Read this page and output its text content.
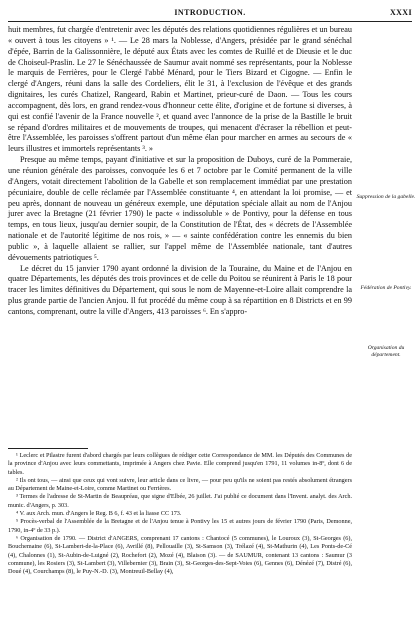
INTRODUCTION.	XXXI

huit membres, fut chargée d'entretenir avec les députés des relations quotidiennes régulières et un bureau « ouvert à tous les citoyens » ¹. — Le 28 mars la Noblesse, d'Angers, présidée par le grand sénéchal d'épée, Barrin de la Galissonnière, le député aux États avec les comtes de Ruillé et de Dieusie et le duc de Choiseul-Praslin. Le 27 le Sénéchaussée de Saumur avait nommé ses représentants, pour la Noblesse le marquis de Ferrières, pour le Clergé l'abbé Ménard, pour le Tiers Bizard et Cigogne. — Enfin le clergé d'Angers, réuni dans la salle des Cordeliers, élit le 31, à l'exclusion de l'évêque et des grands dignitaires, les curés Chatizel, Rangeard, Rabin et Martinet, prieur-curé de Daon. — Tous les cours accompagnent, dès lors, en grand rendez-vous d'honneur cette élite, d'origine et de fortune si diverses, à qui est confié l'avenir de la France nouvelle ², et quand avec l'annonce de la prise de la Bastille le bruit se répand d'ordres militaires et de mouvements de troupes, qui menacent d'écraser la rébellion et peut-être l'Assemblée, les paroisses s'offrent partout d'un même élan pour marcher en armes au secours de « leurs illustres et immortels représentants ³. »

Presque au même temps, payant d'initiative et sur la proposition de Duboys, curé de la Pommeraie, une réunion générale des paroisses, convoquée les 6 et 7 octobre par le Comité permanent de la ville d'Angers, votait directement l'abolition de la Gabelle et son remplacement immédiat par une prestation pécuniaire, double de celle réclamée par l'Assemblée constituante ⁴, en attendant la loi promise, — et peu après, donnant de nouveau un généreux exemple, une députation spéciale allait au nom de l'Anjou jurer avec la Bretagne (21 février 1790) le pacte « indissoluble » de Pontivy, pour la défense en tous temps, en tous lieux, jusqu'au dernier soupir, de la Constitution de l'État, des « décrets de l'Assemblée nationale et de l'autorité légitime de nos rois, » — « sainte confédération contre les ennemis du bien public », à laquelle allaient se rallier, sur l'appel même de l'Assemblée nationale, tant d'autres dévouements patriotiques ⁵.

Le décret du 15 janvier 1790 ayant ordonné la division de la Touraine, du Maine et de l'Anjou en quatre Départements, les députés des trois provinces et de celle du Poitou se réunirent à Paris le 18 pour tracer les limites définitives du Département, qui sous le nom de Mayenne-et-Loire allait comprendre la plus grande partie de l'ancien Anjou. Il fut procédé du même coup à sa répartition en 8 Districts et en 99 cantons, comprenant, outre la ville d'Angers, 413 paroisses ⁶. En s'appro-

Suppression de la gabelle.
Fédération de Pontivy.
Organisation du département.

¹ Leclerc et Pilastre furent d'abord chargés par leurs collègues de rédiger cette Correspondance de MM. les Députés des Communes de la province d'Anjou avec leurs commettants, imprimée à Angers chez Pavie. Elle comprend jusqu'en 1791, 11 volumes in-8º, dont 6 de tables.

² Ils ont tous, — ainsi que ceux qui vont suivre, leur article dans ce livre, — pour peu qu'ils ne soient pas restés absolument étrangers au Département de Maine-et-Loire, comme Martinet ou Ferrières.

³ Termes de l'adresse de St-Martin de Beaupréau, que signe d'Elbée, 26 juillet. J'ai publié ce document dans l'Invent. analyt. des Arch. munic. d'Angers, p. 303.

⁴ V. aux Arch. mun. d'Angers le Reg. B 6, f. 43 et la liasse CC 173.

⁵ Procès-verbal de l'Assemblée de la Bretagne et de l'Anjou tenue à Pontivy les 15 et autres jours de février 1790 (Paris, Demonne, 1790, in-4º de 33 p.).

⁶ Organisation de 1790. — District d'ANGERS, comprenant 17 cantons : Chantocé (5 communes), le Louroux (3), St-Georges (6), Bouchemaine (6), St-Lambert-de-la-Place (6), Avrillé (8), Pellouaille (3), St-Samson (3), Trélazé (4), St-Mathurin (4), Les Ponts-de-Cé (4), Chalonnes (1), St-Aubin-de-Luigné (2), Rochefort (2), Mozé (4), Blaison (3). — de SAUMUR, contenant 13 cantons : Saumur (3 commune), les Rosiers (3), St-Lambert (3), Villebernier (3), Brain (3), St-Georges-des-Sept-Voies (6), Gennes (6), Dénézé (7), Distré (6), Doué (4), Courchamps (8), le Puy-N.-D. (3), Montreuil-Bellay (4),
